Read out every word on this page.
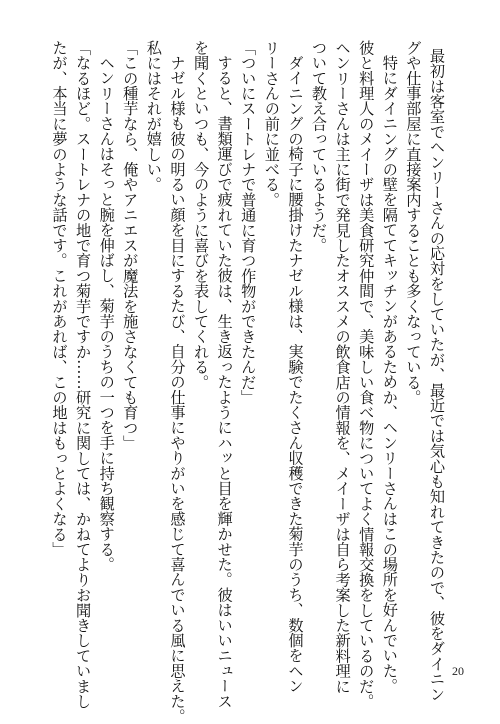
最初は客室でヘンリーさんの応対をしていたが、最近では気心も知れてきたので、彼をダイニン

グや仕事部屋に直接案内することも多くなっている。

特にダイニングの壁を隔ててキッチンがあるためか、ヘンリーさんはこの場所を好んでいた。

彼と料理人のメイーザは美食研究仲間で、美味しい食べ物についてよく情報交換をしているのだ。

ヘンリーさんは主に街で発見したオススメの飲食店の情報を、メイーザは自ら考案した新料理に

ついて教え合っているようだ。

ダイニングの椅子に腰掛けたナゼル様は、実験でたくさん収穫できた菊芋のうち、数個をヘン

リーさんの前に並べる。

「ついにスートレナで普通に育つ作物ができたんだ」

すると、書類運びで疲れていた彼は、生き返ったようにハッと目を輝かせた。彼はいいニュース

を聞くといつも、今のように喜びを表してくれる。

ナゼル様も彼の明るい顔を目にするたび、自分の仕事にやりがいを感じて喜んでいる風に思えた。

私にはそれが嬉しい。

「この種芋なら、俺やアニエスが魔法を施さなくても育つ」

ヘンリーさんはそっと腕を伸ばし、菊芋のうちの一つを手に持ち観察する。

「なるほど。スートレナの地で育つ菊芋ですか……研究に関しては、かねてよりお聞きしていまし

たが、本当に夢のような話です。これがあれば、この地はもっとよくなる」

20
